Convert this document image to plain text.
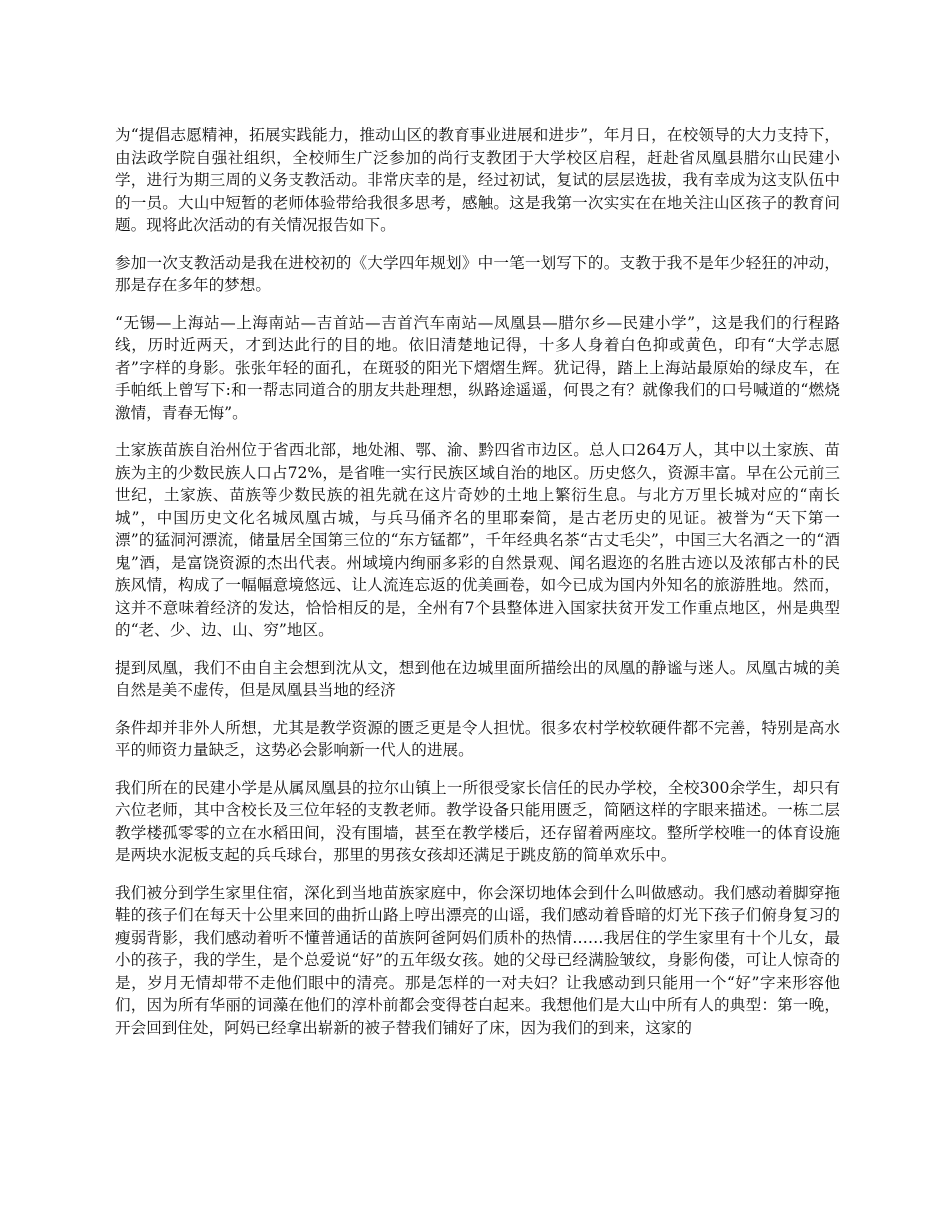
为“提倡志愿精神，拓展实践能力，推动山区的教育事业进展和进步”，年月日，在校领导的大力支持下，由法政学院自强社组织，全校师生广泛参加的尚行支教团于大学校区启程，赶赴省凤凰县腊尔山民建小学，进行为期三周的义务支教活动。非常庆幸的是，经过初试，复试的层层选拔，我有幸成为这支队伍中的一员。大山中短暂的老师体验带给我很多思考，感触。这是我第一次实实在在地关注山区孩子的教育问题。现将此次活动的有关情况报告如下。

参加一次支教活动是我在进校初的《大学四年规划》中一笔一划写下的。支教于我不是年少轻狂的冲动，那是存在多年的梦想。

“无锡—上海站—上海南站—吉首站—吉首汽车南站—凤凰县—腊尔乡—民建小学”，这是我们的行程路线，历时近两天，才到达此行的目的地。依旧清楚地记得，十多人身着白色抑或黄色，印有“大学志愿者”字样的身影。张张年轻的面孔，在斑驳的阳光下熠熠生辉。犹记得，踏上上海站最原始的绿皮车，在手帕纸上曾写下:和一帮志同道合的朋友共赴理想，纵路途遥遥，何畏之有？就像我们的口号喊道的“燃烧激情，青春无悔”。

土家族苗族自治州位于省西北部，地处湘、鄂、渝、黔四省市边区。总人口264万人，其中以土家族、苗族为主的少数民族人口占72%，是省唯一实行民族区域自治的地区。历史悠久，资源丰富。早在公元前三世纪，土家族、苗族等少数民族的祖先就在这片奇妙的土地上繁衍生息。与北方万里长城对应的“南长城”，中国历史文化名城凤凰古城，与兵马俑齐名的里耶秦简，是古老历史的见证。被誉为“天下第一漂”的猛洞河漂流，储量居全国第三位的“东方锰都”，千年经典名茶“古丈毛尖”，中国三大名酒之一的“酒鬼”酒，是富饶资源的杰出代表。州域境内绚丽多彩的自然景观、闻名遐迩的名胜古迹以及浓郁古朴的民族风情，构成了一幅幅意境悠远、让人流连忘返的优美画卷，如今已成为国内外知名的旅游胜地。然而，这并不意味着经济的发达，恰恰相反的是，全州有7个县整体进入国家扶贫开发工作重点地区，州是典型的“老、少、边、山、穷”地区。

提到凤凰，我们不由自主会想到沈从文，想到他在边城里面所描绘出的凤凰的静谧与迷人。凤凰古城的美自然是美不虚传，但是凤凰县当地的经济

条件却并非外人所想，尤其是教学资源的匮乏更是令人担忧。很多农村学校软硬件都不完善，特别是高水平的师资力量缺乏，这势必会影响新一代人的进展。

我们所在的民建小学是从属凤凰县的拉尔山镇上一所很受家长信任的民办学校，全校300余学生，却只有六位老师，其中含校长及三位年轻的支教老师。教学设备只能用匮乏，简陋这样的字眼来描述。一栋二层教学楼孤零零的立在水稻田间，没有围墙，甚至在教学楼后，还存留着两座坟。整所学校唯一的体育设施是两块水泥板支起的兵乓球台，那里的男孩女孩却还满足于跳皮筋的简单欢乐中。

我们被分到学生家里住宿，深化到当地苗族家庭中，你会深切地体会到什么叫做感动。我们感动着脚穿拖鞋的孩子们在每天十公里来回的曲折山路上哼出漂亮的山谣，我们感动着昏暗的灯光下孩子们俯身复习的瘦弱背影，我们感动着听不懂普通话的苗族阿爸阿妈们质朴的热情……我居住的学生家里有十个儿女，最小的孩子，我的学生，是个总爱说“好”的五年级女孩。她的父母已经满脸皱纹，身影佝偻，可让人惊奇的是，岁月无情却带不走他们眼中的清亮。那是怎样的一对夫妇？让我感动到只能用一个“好”字来形容他们，因为所有华丽的词藻在他们的淳朴前都会变得苍白起来。我想他们是大山中所有人的典型：第一晚，开会回到住处，阿妈已经拿出崭新的被子替我们铺好了床，因为我们的到来，这家的
